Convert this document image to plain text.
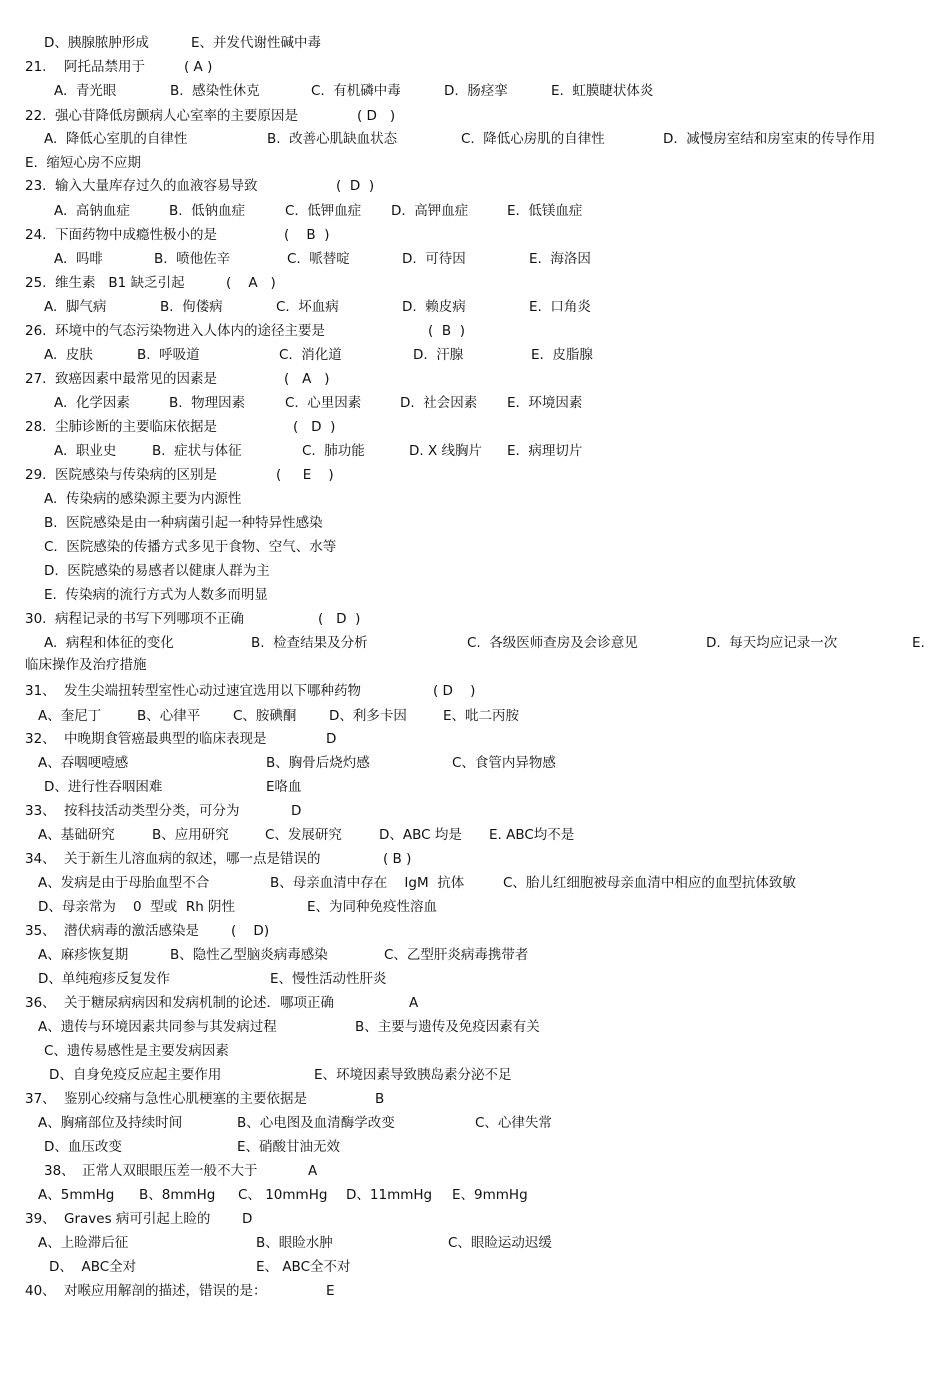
D、胰腺脓肿形成

	E、并发代谢性碱中毒

21.

阿托品禁用于

	( A )

A.  青光眼

	B.  感染性休克

	C.  有机磷中毒

	D.  肠痉挛

	E.  虹膜睫状体炎

22.  强心苷降低房颤病人心室率的主要原因是

	( D   )

A.  降低心室肌的自律性

	B.  改善心肌缺血状态

	C.  降低心房肌的自律性

	D.  减慢房室结和房室束的传导作用

E.  缩短心房不应期

23.  输入大量库存过久的血液容易导致

	(  D  )

A.  高钠血症

	B.  低钠血症

	C.  低钾血症

D.  高钾血症

	E.  低镁血症

24.  下面药物中成瘾性极小的是

	(    B  )

A.  吗啡

	B.  喷他佐辛

	C.  哌替啶

	D.  可待因

	E.  海洛因

25.  维生素   B1 缺乏引起

	(    A   )

A.  脚气病

	B.  佝偻病

	C.  坏血病

	D.  赖皮病

	E.  口角炎

26.  环境中的气态污染物进入人体内的途径主要是

	(  B  )

A.  皮肤

	B.  呼吸道

	C.  消化道

	D.  汗腺

	E.  皮脂腺

27.  致癌因素中最常见的因素是

	(   A   )

A.  化学因素

	B.  物理因素

	C.  心里因素

	D.  社会因素

E.  环境因素

28.  尘肺诊断的主要临床依据是

	(   D  )

A.  职业史

	B.  症状与体征

	C.  肺功能

	D. X 线胸片

E.  病理切片

29.  医院感染与传染病的区别是

	(     E    )

A.  传染病的感染源主要为内源性

B.  医院感染是由一种病菌引起一种特异性感染

C.  医院感染的传播方式多见于食物、空气、水等

D.  医院感染的易感者以健康人群为主

E.  传染病的流行方式为人数多而明显

30.  病程记录的书写下列哪项不正确

	(   D  )

A.  病程和体征的变化

	B.  检查结果及分析

	C.  各级医师查房及会诊意见

	D.  每天均应记录一次

	E.

临床操作及治疗措施

31、

发生尖端扭转型室性心动过速宜选用以下哪种药物

	( D    )

A、奎尼丁

	B、心律平

C、胺碘酮

D、利多卡因

	E、吡二丙胺

32、

中晚期食管癌最典型的临床表现是

	D

A、吞咽哽噎感

	B、胸骨后烧灼感

	C、食管内异物感

D、进行性吞咽困难

	E咯血

33、

按科技活动类型分类，可分为

	D

A、基础研究

	B、应用研究

	C、发展研究

	D、ABC 均是

E. ABC均不是

34、

关于新生儿溶血病的叙述，哪一点是错误的

	( B )

A、发病是由于母胎血型不合

	B、母亲血清中存在    IgM  抗体

	C、胎儿红细胞被母亲血清中相应的血型抗体致敏

D、母亲常为    0  型或  Rh 阴性

	E、为同种免疫性溶血

35、

潜伏病毒的激活感染是

(    D)

A、麻疹恢复期

	B、隐性乙型脑炎病毒感染

	C、乙型肝炎病毒携带者

D、单纯疱疹反复发作

	E、慢性活动性肝炎

36、

关于糖尿病病因和发病机制的论述．哪项正确

	A

A、遗传与环境因素共同参与其发病过程

	B、主要与遗传及免疫因素有关

C、遗传易感性是主要发病因素

D、自身免疫反应起主要作用

	E、环境因素导致胰岛素分泌不足

37、

鉴别心绞痛与急性心肌梗塞的主要依据是

	B

A、胸痛部位及持续时间

	B、心电图及血清酶学改变

	C、心律失常

D、血压改变

	E、硝酸甘油无效

38、

正常人双眼眼压差一般不大于

	A

A、5mmHg

B、8mmHg

C、 10mmHg

D、11mmHg

E、9mmHg

39、

Graves 病可引起上睑的

D

A、上睑滞后征

	B、眼睑水肿

	C、眼睑运动迟缓

D、  ABC全对

	E、 ABC全不对

40、

对喉应用解剖的描述，错误的是：

	E
